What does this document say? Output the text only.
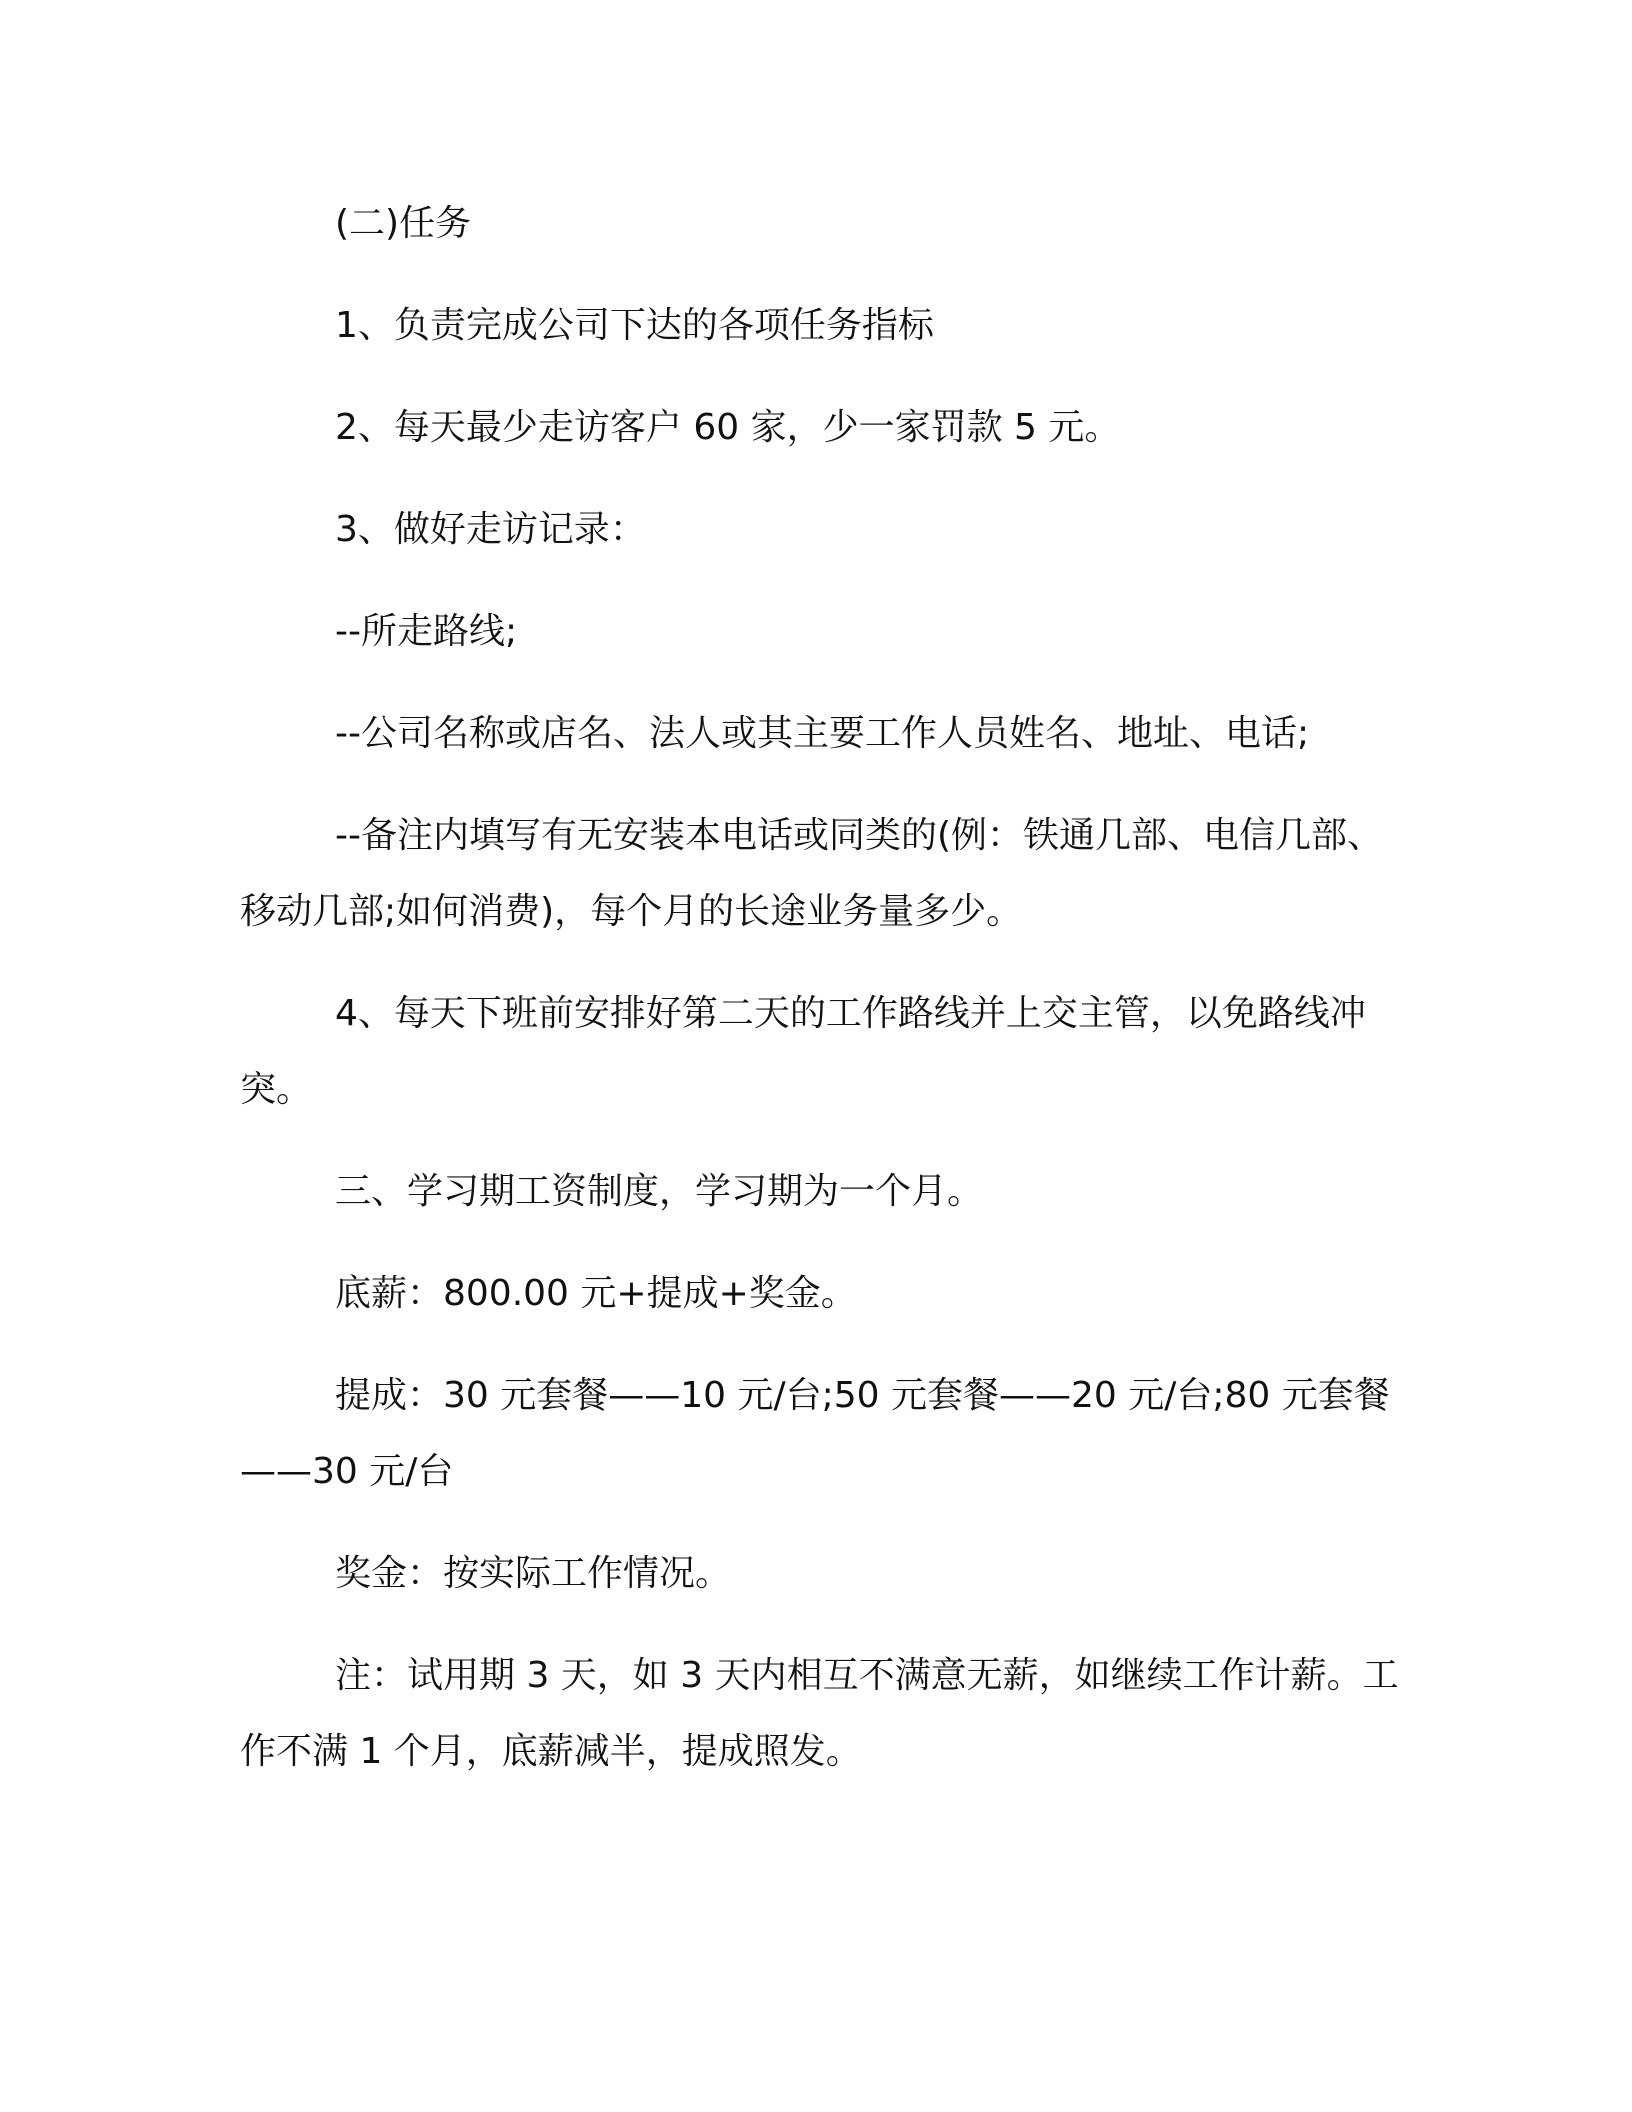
(二)任务

1、负责完成公司下达的各项任务指标

2、每天最少走访客户 60 家，少一家罚款 5 元。

3、做好走访记录：

--所走路线;

--公司名称或店名、法人或其主要工作人员姓名、地址、电话;

--备注内填写有无安装本电话或同类的(例：铁通几部、电信几部、移动几部;如何消费)，每个月的长途业务量多少。

4、每天下班前安排好第二天的工作路线并上交主管，以免路线冲突。

三、学习期工资制度，学习期为一个月。

底薪：800.00 元+提成+奖金。

提成：30 元套餐——10 元/台;50 元套餐——20 元/台;80 元套餐——30 元/台

奖金：按实际工作情况。

注：试用期 3 天，如 3 天内相互不满意无薪，如继续工作计薪。工作不满 1 个月，底薪减半，提成照发。
